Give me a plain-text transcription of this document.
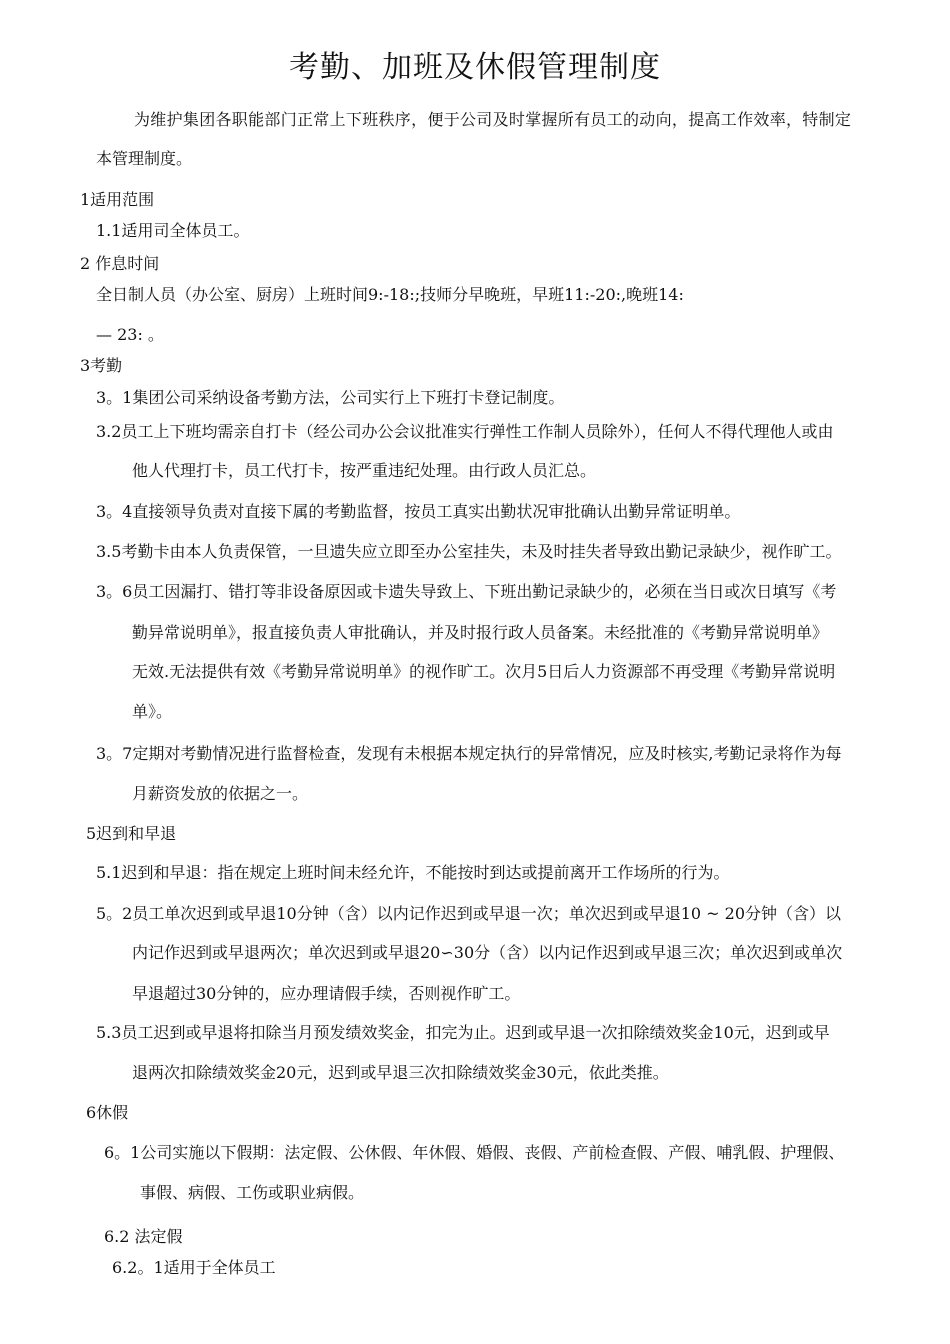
考勤、加班及休假管理制度
为维护集团各职能部门正常上下班秩序，便于公司及时掌握所有员工的动向，提高工作效率，特制定
本管理制度。
1适用范围
1.1适用司全体员工。
2 作息时间
全日制人员（办公室、厨房）上班时间9:-18:;技师分早晚班，早班11:-20:,晚班14:
— 23: 。
3考勤
3。1集团公司采纳设备考勤方法，公司实行上下班打卡登记制度。
3.2员工上下班均需亲自打卡（经公司办公会议批准实行弹性工作制人员除外），任何人不得代理他人或由
他人代理打卡，员工代打卡，按严重违纪处理。由行政人员汇总。
3。4直接领导负责对直接下属的考勤监督，按员工真实出勤状况审批确认出勤异常证明单。
3.5考勤卡由本人负责保管，一旦遗失应立即至办公室挂失，未及时挂失者导致出勤记录缺少，视作旷工。
3。6员工因漏打、错打等非设备原因或卡遗失导致上、下班出勤记录缺少的，必须在当日或次日填写《考
勤异常说明单》，报直接负责人审批确认，并及时报行政人员备案。未经批准的《考勤异常说明单》
无效.无法提供有效《考勤异常说明单》的视作旷工。次月5日后人力资源部不再受理《考勤异常说明
单》。
3。7定期对考勤情况进行监督检查，发现有未根据本规定执行的异常情况，应及时核实,考勤记录将作为每
月薪资发放的依据之一。
5迟到和早退
5.1迟到和早退：指在规定上班时间未经允许，不能按时到达或提前离开工作场所的行为。
5。2员工单次迟到或早退10分钟（含）以内记作迟到或早退一次；单次迟到或早退10 ~ 20分钟（含）以
内记作迟到或早退两次；单次迟到或早退20∽30分（含）以内记作迟到或早退三次；单次迟到或单次
早退超过30分钟的，应办理请假手续，否则视作旷工。
5.3员工迟到或早退将扣除当月预发绩效奖金，扣完为止。迟到或早退一次扣除绩效奖金10元，迟到或早
退两次扣除绩效奖金20元，迟到或早退三次扣除绩效奖金30元，依此类推。
6休假
6。1公司实施以下假期：法定假、公休假、年休假、婚假、丧假、产前检查假、产假、哺乳假、护理假、
事假、病假、工伤或职业病假。
6.2 法定假
6.2。1适用于全体员工
